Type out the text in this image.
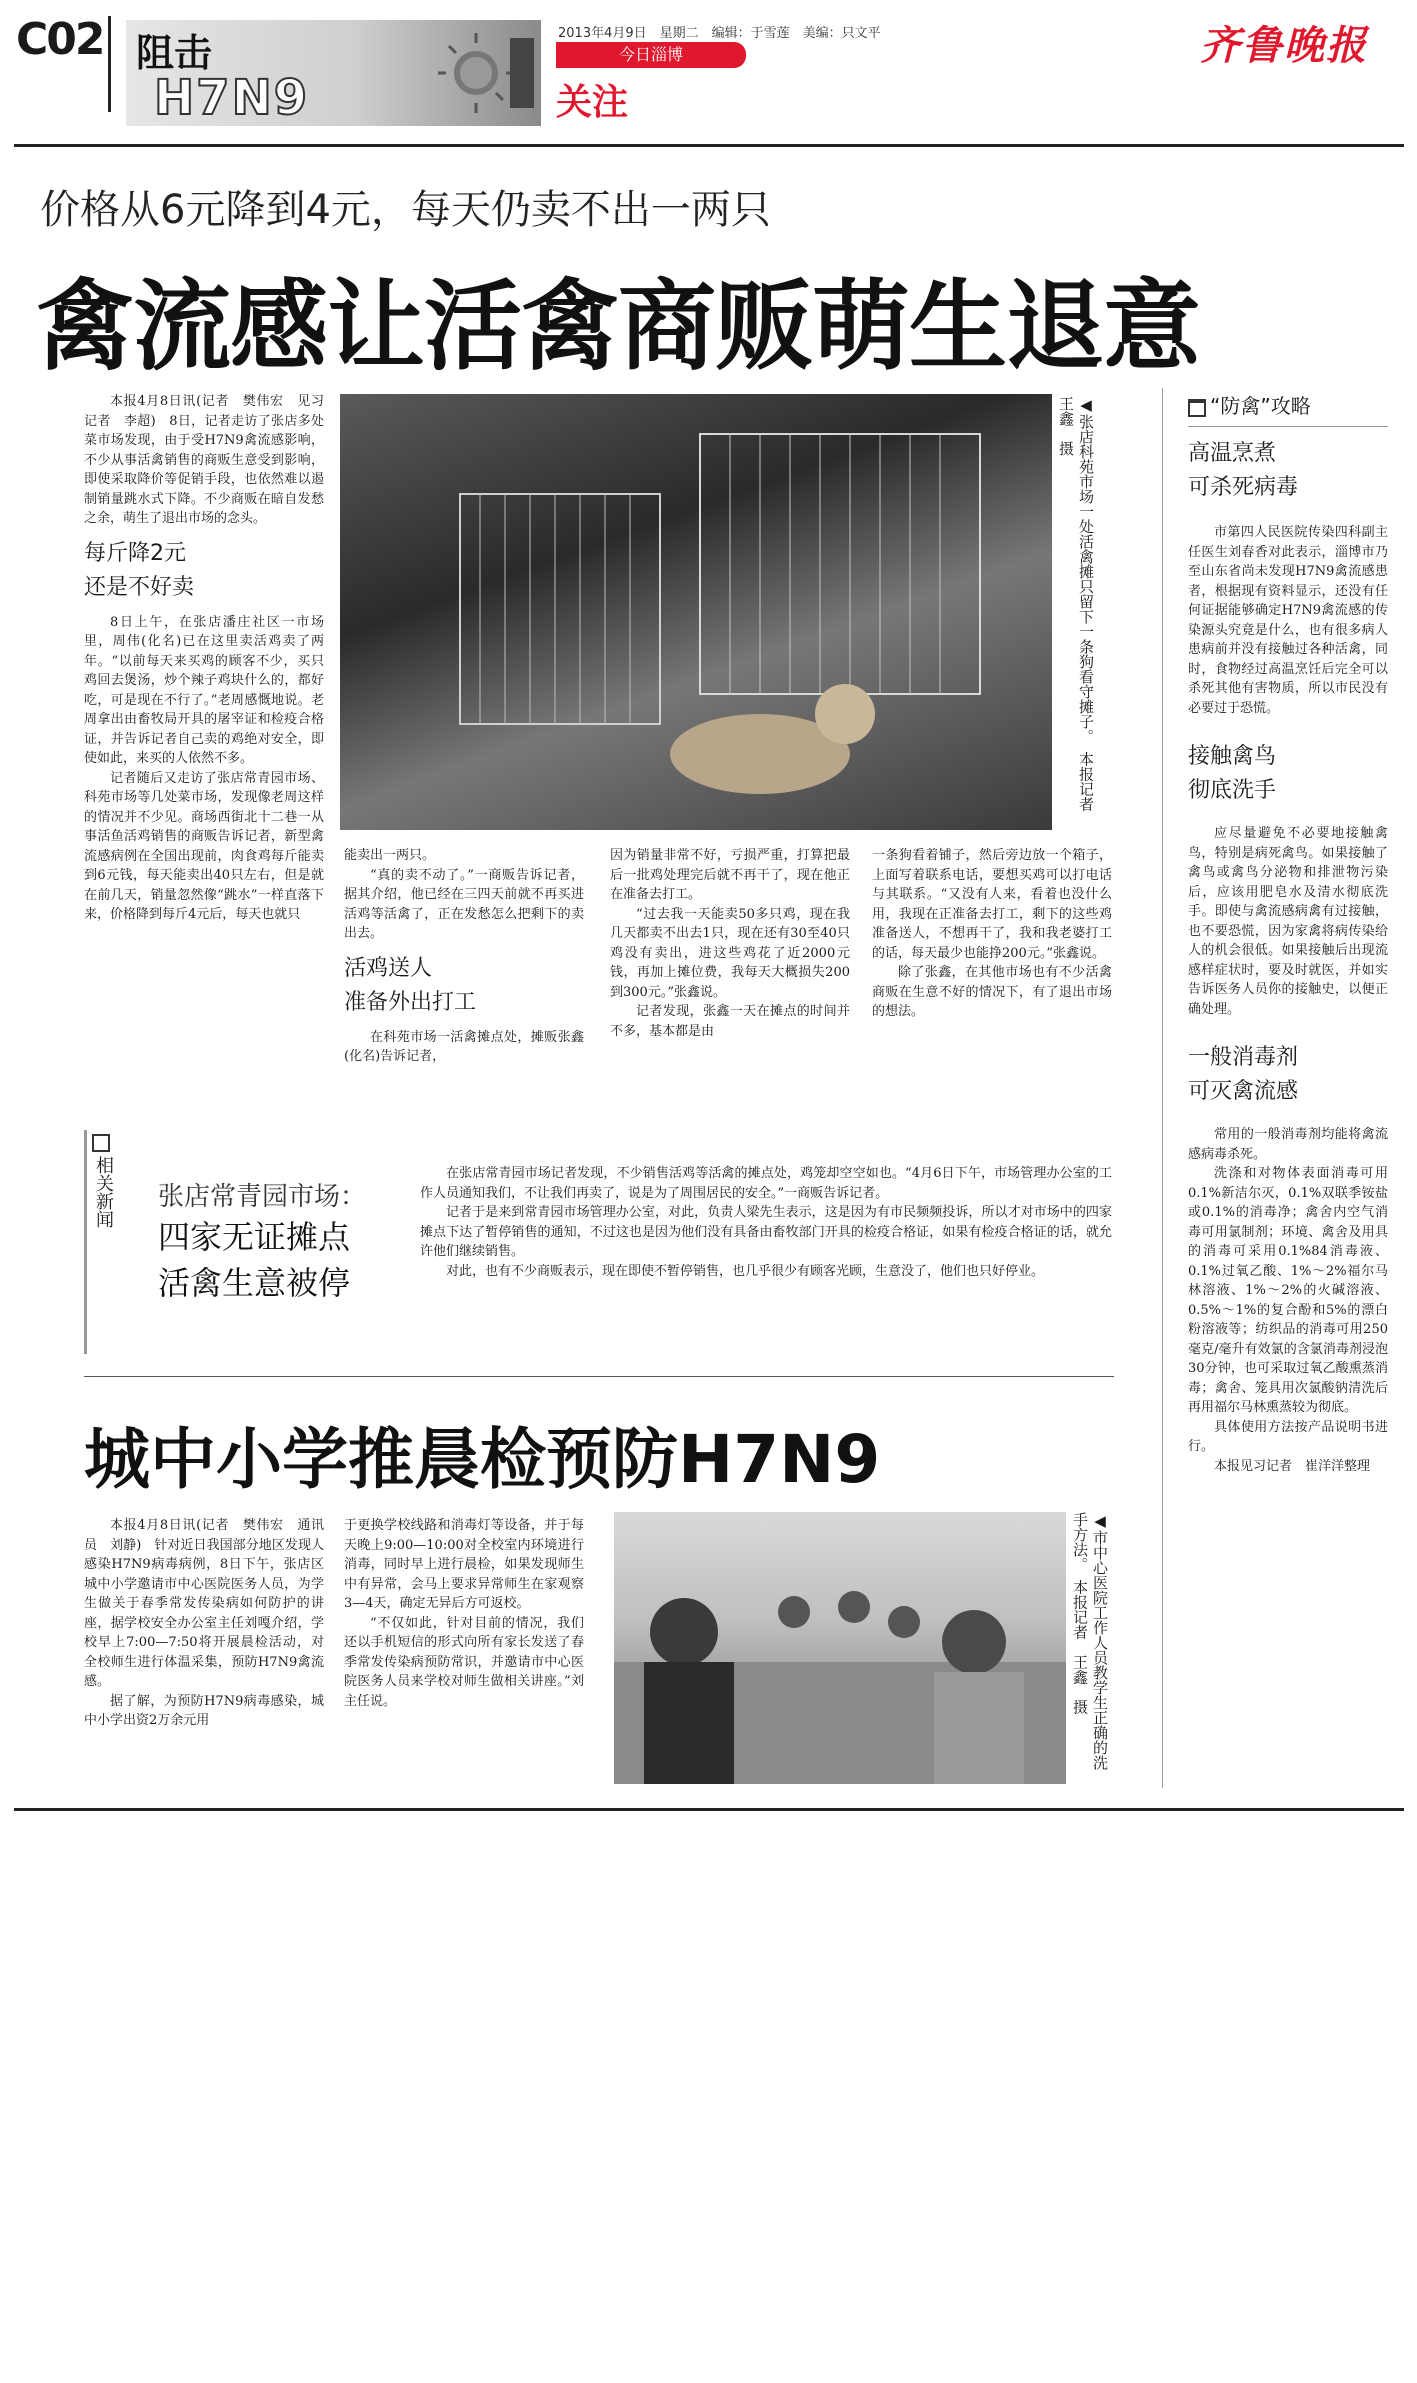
C02 阻击
H7N9
2013年4月9日　星期二　编辑：于雪莲　美编：只文平
今日淄博
关注
齐鲁晚报
价格从6元降到4元，每天仍卖不出一两只
禽流感让活禽商贩萌生退意

本报4月8日讯(记者　樊伟宏　见习记者　李超)　8日，记者走访了张店多处菜市场发现，由于受H7N9禽流感影响，不少从事活禽销售的商贩生意受到影响，即使采取降价等促销手段，也依然难以遏制销量跳水式下降。不少商贩在暗自发愁之余，萌生了退出市场的念头。

每斤降2元
还是不好卖

8日上午，在张店潘庄社区一市场里，周伟(化名)已在这里卖活鸡卖了两年。“以前每天来买鸡的顾客不少，买只鸡回去煲汤，炒个辣子鸡块什么的，都好吃，可是现在不行了。”老周感慨地说。老周拿出由畜牧局开具的屠宰证和检疫合格证，并告诉记者自己卖的鸡绝对安全，即使如此，来买的人依然不多。

记者随后又走访了张店常青园市场、科苑市场等几处菜市场，发现像老周这样的情况并不少见。商场西街北十二巷一从事活鱼活鸡销售的商贩告诉记者，新型禽流感病例在全国出现前，肉食鸡每斤能卖到6元钱，每天能卖出40只左右，但是就在前几天，销量忽然像“跳水”一样直落下来，价格降到每斤4元后，每天也就只

◀张店科苑市场一处活禽摊只留下一条狗看守摊子。　本报记者　王鑫　摄

能卖出一两只。

“真的卖不动了。”一商贩告诉记者，据其介绍，他已经在三四天前就不再买进活鸡等活禽了，正在发愁怎么把剩下的卖出去。

活鸡送人
准备外出打工

在科苑市场一活禽摊点处，摊贩张鑫(化名)告诉记者，

因为销量非常不好，亏损严重，打算把最后一批鸡处理完后就不再干了，现在他正在准备去打工。

“过去我一天能卖50多只鸡，现在我几天都卖不出去1只，现在还有30至40只鸡没有卖出，进这些鸡花了近2000元钱，再加上摊位费，我每天大概损失200到300元。”张鑫说。

记者发现，张鑫一天在摊点的时间并不多，基本都是由

一条狗看着铺子，然后旁边放一个箱子，上面写着联系电话，要想买鸡可以打电话与其联系。“又没有人来，看着也没什么用，我现在正准备去打工，剩下的这些鸡准备送人，不想再干了，我和我老婆打工的话，每天最少也能挣200元。”张鑫说。

除了张鑫，在其他市场也有不少活禽商贩在生意不好的情况下，有了退出市场的想法。

相关新闻 张店常青园市场：
四家无证摊点
活禽生意被停

在张店常青园市场记者发现，不少销售活鸡等活禽的摊点处，鸡笼却空空如也。“4月6日下午，市场管理办公室的工作人员通知我们，不让我们再卖了，说是为了周围居民的安全。”一商贩告诉记者。

记者于是来到常青园市场管理办公室，对此，负责人梁先生表示，这是因为有市民频频投诉，所以才对市场中的四家摊点下达了暂停销售的通知，不过这也是因为他们没有具备由畜牧部门开具的检疫合格证，如果有检疫合格证的话，就允许他们继续销售。

对此，也有不少商贩表示，现在即使不暂停销售，也几乎很少有顾客光顾，生意没了，他们也只好停业。

城中小学推晨检预防H7N9

本报4月8日讯(记者　樊伟宏　通讯员　刘静)　针对近日我国部分地区发现人感染H7N9病毒病例，8日下午，张店区城中小学邀请市中心医院医务人员，为学生做关于春季常发传染病如何防护的讲座，据学校安全办公室主任刘嘎介绍，学校早上7:00—7:50将开展晨检活动，对全校师生进行体温采集，预防H7N9禽流感。

据了解，为预防H7N9病毒感染，城中小学出资2万余元用

于更换学校线路和消毒灯等设备，并于每天晚上9:00—10:00对全校室内环境进行消毒，同时早上进行晨检，如果发现师生中有异常，会马上要求异常师生在家观察3—4天，确定无异后方可返校。

“不仅如此，针对目前的情况，我们还以手机短信的形式向所有家长发送了春季常发传染病预防常识，并邀请市中心医院医务人员来学校对师生做相关讲座。”刘主任说。	◀市中心医院工作人员教学生正确的洗手方法。　本报记者　王鑫　摄
“防禽”攻略
高温烹煮
可杀死病毒

市第四人民医院传染四科副主任医生刘春香对此表示，淄博市乃至山东省尚未发现H7N9禽流感患者，根据现有资料显示，还没有任何证据能够确定H7N9禽流感的传染源头究竟是什么，也有很多病人患病前并没有接触过各种活禽，同时，食物经过高温烹饪后完全可以杀死其他有害物质，所以市民没有必要过于恐慌。

接触禽鸟
彻底洗手

应尽量避免不必要地接触禽鸟，特别是病死禽鸟。如果接触了禽鸟或禽鸟分泌物和排泄物污染后，应该用肥皂水及清水彻底洗手。即使与禽流感病禽有过接触，也不要恐慌，因为家禽将病传染给人的机会很低。如果接触后出现流感样症状时，要及时就医，并如实告诉医务人员你的接触史，以便正确处理。

一般消毒剂
可灭禽流感

常用的一般消毒剂均能将禽流感病毒杀死。

洗涤和对物体表面消毒可用0.1%新洁尔灭，0.1%双联季铵盐或0.1%的消毒净；禽舍内空气消毒可用氯制剂；环境、禽舍及用具的消毒可采用0.1%84消毒液、0.1%过氧乙酸、1%～2%福尔马林溶液、1%～2%的火碱溶液、0.5%～1%的复合酚和5%的漂白粉溶液等；纺织品的消毒可用250毫克/毫升有效氯的含氯消毒剂浸泡30分钟，也可采取过氧乙酸熏蒸消毒；禽舍、笼具用次氯酸钠清洗后再用福尔马林熏蒸较为彻底。

具体使用方法按产品说明书进行。

本报见习记者　崔洋洋整理
